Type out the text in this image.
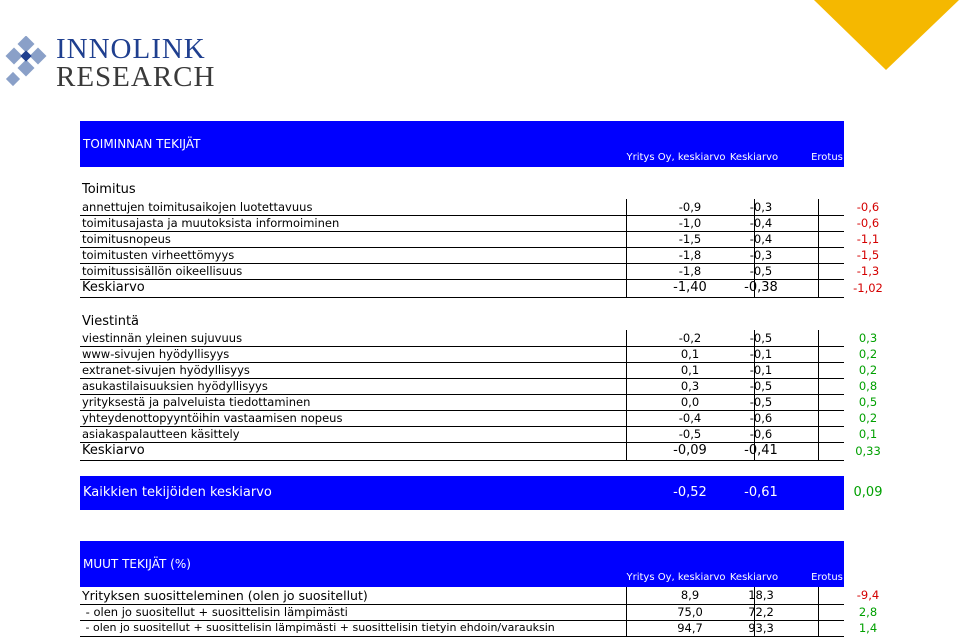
INNOLINK
RESEARCH
TOIMINNAN TEKIJÄT
Yritys Oy, keskiarvo Keskiarvo	Erotus
Toimitus
annettujen toimitusaikojen luotettavuus	-0,9	-0,3	-0,6
toimitusajasta ja muutoksista informoiminen	-1,0	-0,4	-0,6
toimitusnopeus	-1,5	-0,4	-1,1
toimitusten virheettömyys	-1,8	-0,3	-1,5
toimitussisällön oikeellisuus	-1,8	-0,5	-1,3
Keskiarvo	-1,40	-0,38	-1,02
Viestintä
viestinnän yleinen sujuvuus	-0,2	-0,5	0,3
www-sivujen hyödyllisyys	0,1	-0,1	0,2
extranet-sivujen hyödyllisyys	0,1	-0,1	0,2
asukastilaisuuksien hyödyllisyys	0,3	-0,5	0,8
yrityksestä ja palveluista tiedottaminen	0,0	-0,5	0,5
yhteydenottopyyntöihin vastaamisen nopeus	-0,4	-0,6	0,2
asiakaspalautteen käsittely	-0,5	-0,6	0,1
Keskiarvo	-0,09	-0,41	0,33
Kaikkien tekijöiden keskiarvo	-0,52	-0,61	0,09
MUUT TEKIJÄT (%)
Yritys Oy, keskiarvo Keskiarvo	Erotus
Yrityksen suositteleminen (olen jo suositellut)	8,9	18,3	-9,4
- olen jo suositellut + suosittelisin lämpimästi	75,0	72,2	2,8
- olen jo suositellut + suosittelisin lämpimästi + suosittelisin tietyin ehdoin/varauksin	94,7	93,3	1,4
